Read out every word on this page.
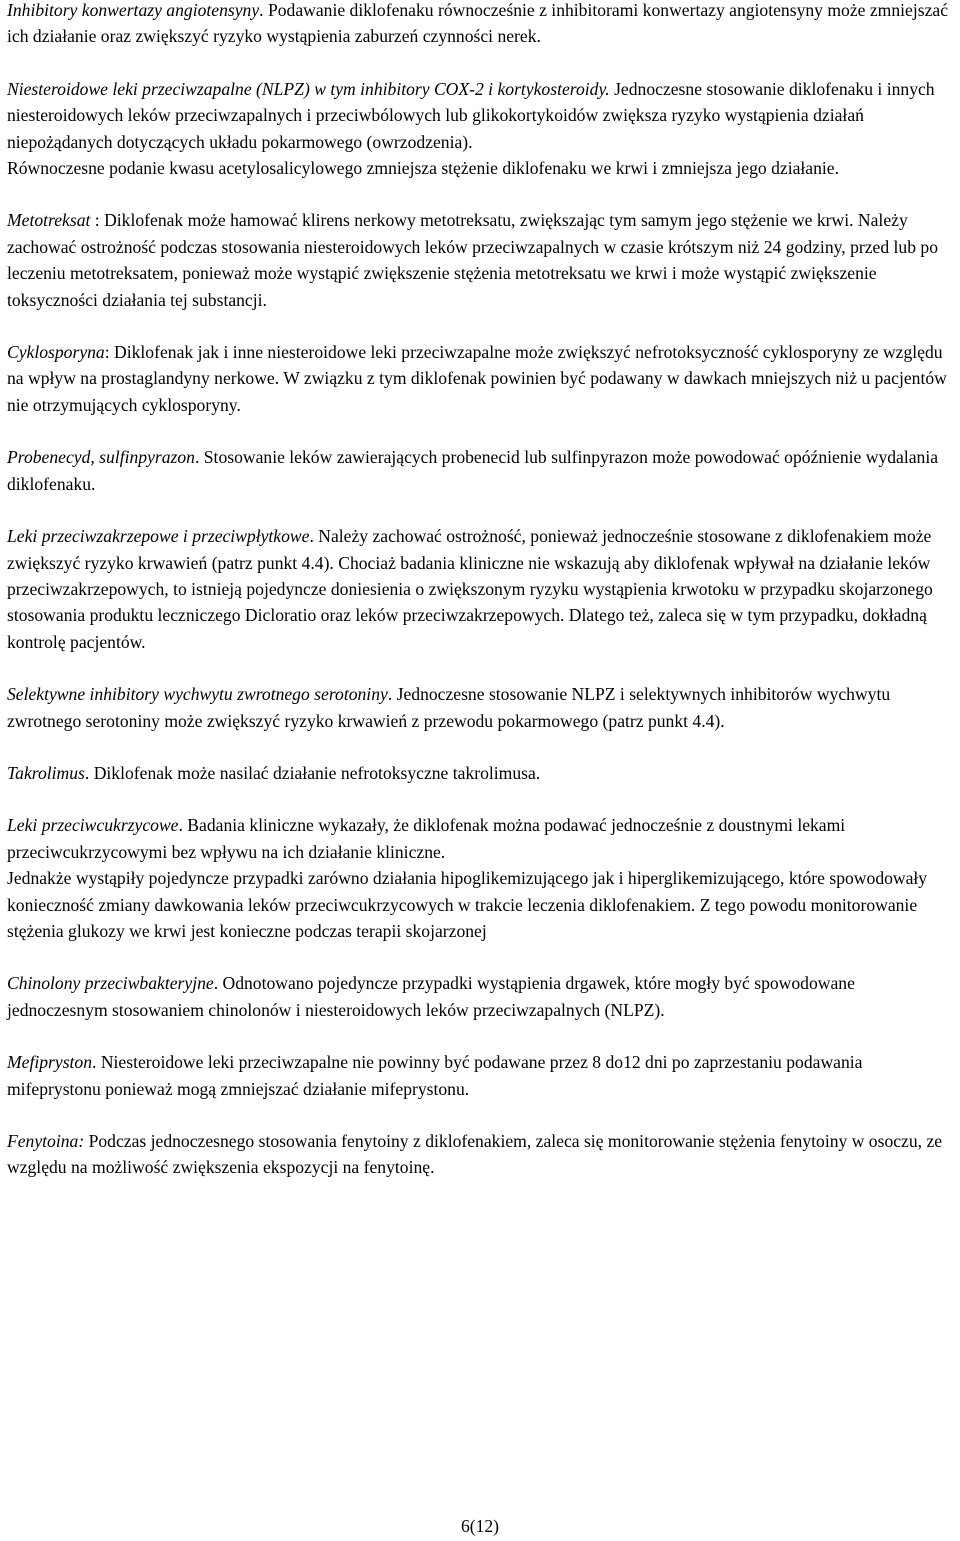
Inhibitory konwertazy angiotensyny. Podawanie diklofenaku równocześnie z inhibitorami konwertazy angiotensyny może zmniejszać ich działanie oraz zwiększyć ryzyko wystąpienia zaburzeń czynności nerek.

Niesteroidowe leki przeciwzapalne (NLPZ) w tym inhibitory COX-2 i kortykosteroidy. Jednoczesne stosowanie diklofenaku i innych niesteroidowych leków przeciwzapalnych i przeciwbólowych lub glikokortykoidów zwiększa ryzyko wystąpienia działań niepożądanych dotyczących układu pokarmowego (owrzodzenia).

Równoczesne podanie kwasu acetylosalicylowego zmniejsza stężenie diklofenaku we krwi i zmniejsza jego działanie.

Metotreksat : Diklofenak może hamować klirens nerkowy metotreksatu, zwiększając tym samym jego stężenie we krwi. Należy zachować ostrożność podczas stosowania niesteroidowych leków przeciwzapalnych w czasie krótszym niż 24 godziny, przed lub po leczeniu metotreksatem, ponieważ może wystąpić zwiększenie stężenia metotreksatu we krwi i może wystąpić zwiększenie toksyczności działania tej substancji.

Cyklosporyna: Diklofenak jak i inne niesteroidowe leki przeciwzapalne może zwiększyć nefrotoksyczność cyklosporyny ze względu na wpływ na prostaglandyny nerkowe. W związku z tym diklofenak powinien być podawany w dawkach mniejszych niż u pacjentów nie otrzymujących cyklosporyny.

Probenecyd, sulfinpyrazon. Stosowanie leków zawierających probenecid lub sulfinpyrazon może powodować opóźnienie wydalania diklofenaku.

Leki przeciwzakrzepowe i przeciwpłytkowe. Należy zachować ostrożność, ponieważ jednocześnie stosowane z diklofenakiem może zwiększyć ryzyko krwawień (patrz punkt 4.4). Chociaż badania kliniczne nie wskazują aby diklofenak wpływał na działanie leków przeciwzakrzepowych, to istnieją pojedyncze doniesienia o zwiększonym ryzyku wystąpienia krwotoku w przypadku skojarzonego stosowania produktu leczniczego Dicloratio oraz leków przeciwzakrzepowych. Dlatego też, zaleca się w tym przypadku, dokładną kontrolę pacjentów.

Selektywne inhibitory wychwytu zwrotnego serotoniny. Jednoczesne stosowanie NLPZ i selektywnych inhibitorów wychwytu zwrotnego serotoniny może zwiększyć ryzyko krwawień z przewodu pokarmowego (patrz punkt 4.4).

Takrolimus. Diklofenak może nasilać działanie nefrotoksyczne takrolimusa.

Leki przeciwcukrzycowe. Badania kliniczne wykazały, że diklofenak można podawać jednocześnie z doustnymi lekami przeciwcukrzycowymi bez wpływu na ich działanie kliniczne.

Jednakże wystąpiły pojedyncze przypadki zarówno działania hipoglikemizującego jak i hiperglikemizującego, które spowodowały konieczność zmiany dawkowania leków przeciwcukrzycowych w trakcie leczenia diklofenakiem. Z tego powodu monitorowanie stężenia glukozy we krwi jest konieczne podczas terapii skojarzonej

Chinolony przeciwbakteryjne. Odnotowano pojedyncze przypadki wystąpienia drgawek, które mogły być spowodowane jednoczesnym stosowaniem chinolonów i niesteroidowych leków przeciwzapalnych (NLPZ).

Mefipryston. Niesteroidowe leki przeciwzapalne nie powinny być podawane przez 8 do12 dni po zaprzestaniu podawania mifeprystonu ponieważ mogą zmniejszać działanie mifeprystonu.

Fenytoina: Podczas jednoczesnego stosowania fenytoiny z diklofenakiem, zaleca się monitorowanie stężenia fenytoiny w osoczu, ze względu na możliwość zwiększenia ekspozycji na fenytoinę.

6(12)
